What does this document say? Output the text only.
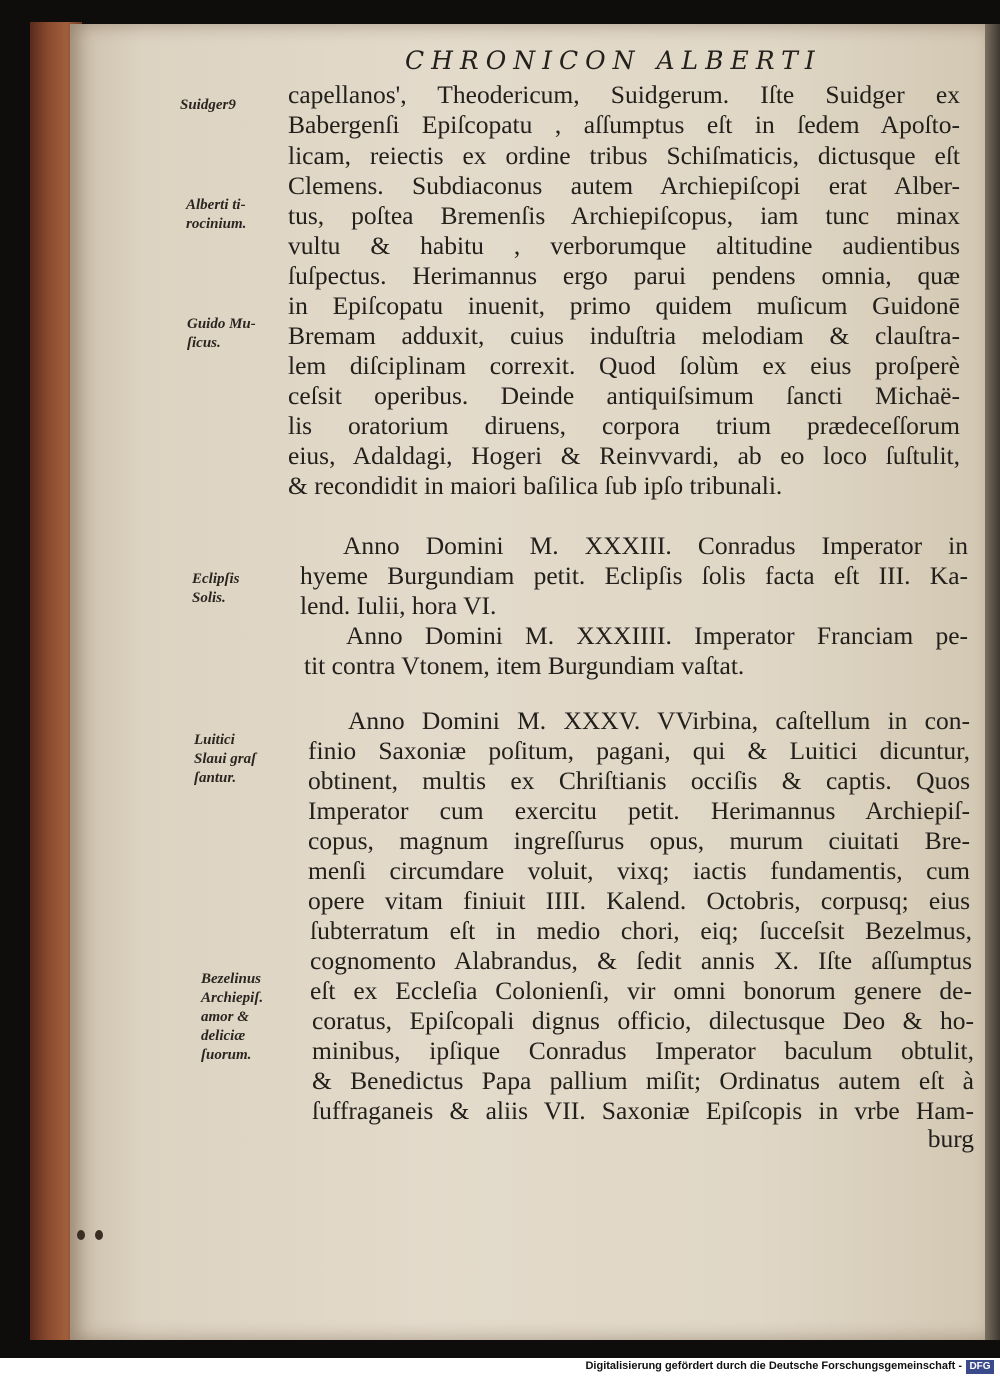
CHRONICON ALBERTI
capellanos', Theodericum, Suidgerum. Iſte Suidger ex
Babergenſi Epiſcopatu , aſſumptus eſt in ſedem Apoſto-
licam, reiectis ex ordine tribus Schiſmaticis, dictusque eſt
Clemens. Subdiaconus autem Archiepiſcopi erat Alber-
tus, poſtea Bremenſis Archiepiſcopus, iam tunc minax
vultu & habitu , verborumque altitudine audientibus
ſuſpectus. Herimannus ergo parui pendens omnia, quæ
in Epiſcopatu inuenit, primo quidem muſicum Guidonē
Bremam adduxit, cuius induſtria melodiam & clauſtra-
lem diſciplinam correxit. Quod ſolùm ex eius proſperè
ceſsit operibus. Deinde antiquiſsimum ſancti Michaë-
lis oratorium diruens, corpora trium prædeceſſorum
eius, Adaldagi, Hogeri & Reinvvardi, ab eo loco ſuſtulit,
& recondidit in maiori baſilica ſub ipſo tribunali.
Anno Domini M. XXXIII. Conradus Imperator in
hyeme Burgundiam petit. Eclipſis ſolis facta eſt III. Ka-
lend. Iulii, hora VI.
Anno Domini M. XXXIIII. Imperator Franciam pe-
tit contra Vtonem, item Burgundiam vaſtat.
Anno Domini M. XXXV. VVirbina, caſtellum in con-
finio Saxoniæ poſitum, pagani, qui & Luitici dicuntur,
obtinent, multis ex Chriſtianis occiſis & captis. Quos
Imperator cum exercitu petit. Herimannus Archiepiſ-
copus, magnum ingreſſurus opus, murum ciuitati Bre-
menſi circumdare voluit, vixq; iactis fundamentis, cum
opere vitam finiuit IIII. Kalend. Octobris, corpusq; eius
ſubterratum eſt in medio chori, eiq; ſucceſsit Bezelmus,
cognomento Alabrandus, & ſedit annis X. Iſte aſſumptus
eſt ex Eccleſia Colonienſi, vir omni bonorum genere de-
coratus, Epiſcopali dignus officio, dilectusque Deo & ho-
minibus, ipſique Conradus Imperator baculum obtulit,
& Benedictus Papa pallium miſit; Ordinatus autem eſt à
ſuffraganeis & aliis VII. Saxoniæ Epiſcopis in vrbe Ham-
burg
Suidger9
Alberti ti-
rocinium.
Guido Mu-
ſicus.
Eclipſis
Solis.
Luitici
Slaui graſ
ſantur.
Bezelinus
Archiepiſ.
amor &
deliciæ
ſuorum.
Digitalisierung gefördert durch die Deutsche Forschungsgemeinschaft - DFG
